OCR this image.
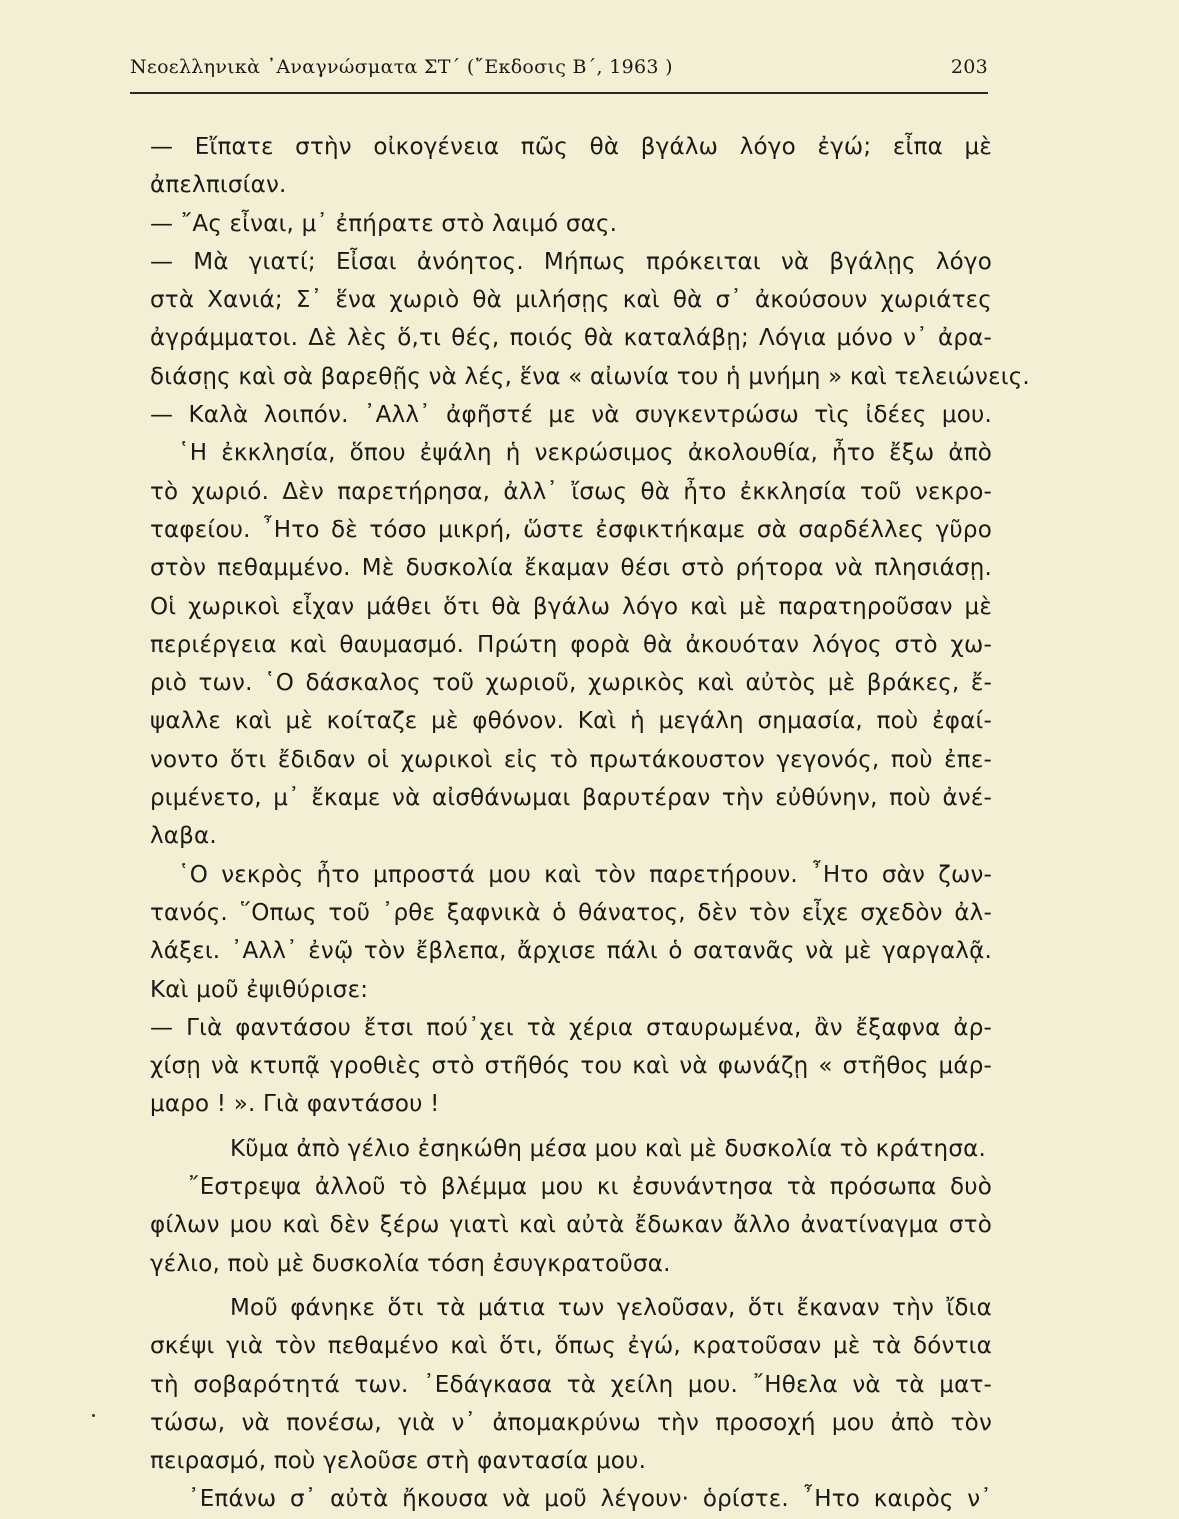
Νεοελληνικὰ ᾿Αναγνώσματα ΣΤ΄ (῎Εκδοσις Β΄, 1963 )	203
— Εἴπατε στὴν οἰκογένεια πῶς θὰ βγάλω λόγο ἐγώ; εἶπα μὲ
ἀπελπισίαν.
— ῎Ας εἶναι, μ᾿ ἐπήρατε στὸ λαιμό σας.
— Μὰ γιατί; Εἶσαι ἀνόητος. Μήπως πρόκειται νὰ βγάλῃς λόγο
στὰ Χανιά; Σ᾿ ἕνα χωριὸ θὰ μιλήσῃς καὶ θὰ σ᾿ ἀκούσουν χωριάτες
ἀγράμματοι. Δὲ λὲς ὅ,τι θές, ποιός θὰ καταλάβῃ; Λόγια μόνο ν᾿ ἀρα-
διάσῃς καὶ σὰ βαρεθῇς νὰ λές, ἕνα « αἰωνία του ἡ μνήμη » καὶ τελειώνεις.
— Καλὰ λοιπόν. ᾿Αλλ᾿ ἀφῆστέ με νὰ συγκεντρώσω τὶς ἰδέες μου.
῾Η ἐκκλησία, ὅπου ἐψάλη ἡ νεκρώσιμος ἀκολουθία, ἦτο ἔξω ἀπὸ
τὸ χωριό. Δὲν παρετήρησα, ἀλλ᾿ ἴσως θὰ ἦτο ἐκκλησία τοῦ νεκρο-
ταφείου. ῏Ητο δὲ τόσο μικρή, ὥστε ἐσφικτήκαμε σὰ σαρδέλλες γῦρο
στὸν πεθαμμένο. Μὲ δυσκολία ἔκαμαν θέσι στὸ ρήτορα νὰ πλησιάσῃ.
Οἱ χωρικοὶ εἶχαν μάθει ὅτι θὰ βγάλω λόγο καὶ μὲ παρατηροῦσαν μὲ
περιέργεια καὶ θαυμασμό. Πρώτη φορὰ θὰ ἀκουόταν λόγος στὸ χω-
ριὸ των. ῾Ο δάσκαλος τοῦ χωριοῦ, χωρικὸς καὶ αὐτὸς μὲ βράκες, ἔ-
ψαλλε καὶ μὲ κοίταζε μὲ φθόνον. Καὶ ἡ μεγάλη σημασία, ποὺ ἐφαί-
νοντο ὅτι ἔδιδαν οἱ χωρικοὶ εἰς τὸ πρωτάκουστον γεγονός, ποὺ ἐπε-
ριμένετο, μ᾿ ἔκαμε νὰ αἰσθάνωμαι βαρυτέραν τὴν εὐθύνην, ποὺ ἀνέ-
λαβα.
῾Ο νεκρὸς ἦτο μπροστά μου καὶ τὸν παρετήρουν. ῏Ητο σὰν ζων-
τανός. ῞Οπως τοῦ ᾿ρθε ξαφνικὰ ὁ θάνατος, δὲν τὸν εἶχε σχεδὸν ἀλ-
λάξει. ᾿Αλλ᾿ ἐνῷ τὸν ἔβλεπα, ἄρχισε πάλι ὁ σατανᾶς νὰ μὲ γαργαλᾷ.
Καὶ μοῦ ἐψιθύρισε:
— Γιὰ φαντάσου ἔτσι πού᾿χει τὰ χέρια σταυρωμένα, ἂν ἔξαφνα ἀρ-
χίσῃ νὰ κτυπᾷ γροθιὲς στὸ στῆθός του καὶ νὰ φωνάζῃ « στῆθος μάρ-
μαρο ! ». Γιὰ φαντάσου !
Κῦμα ἀπὸ γέλιο ἐσηκώθη μέσα μου καὶ μὲ δυσκολία τὸ κράτησα.
῎Εστρεψα ἀλλοῦ τὸ βλέμμα μου κι ἐσυνάντησα τὰ πρόσωπα δυὸ
φίλων μου καὶ δὲν ξέρω γιατὶ καὶ αὐτὰ ἔδωκαν ἄλλο ἀνατίναγμα στὸ
γέλιο, ποὺ μὲ δυσκολία τόση ἐσυγκρατοῦσα.
Μοῦ φάνηκε ὅτι τὰ μάτια των γελοῦσαν, ὅτι ἔκαναν τὴν ἴδια
σκέψι γιὰ τὸν πεθαμένο καὶ ὅτι, ὅπως ἐγώ, κρατοῦσαν μὲ τὰ δόντια
τὴ σοβαρότητά των. ᾿Εδάγκασα τὰ χείλη μου. ῎Ηθελα νὰ τὰ ματ-
τώσω, νὰ πονέσω, γιὰ ν᾿ ἀπομακρύνω τὴν προσοχή μου ἀπὸ τὸν
πειρασμό, ποὺ γελοῦσε στὴ φαντασία μου.
᾿Επάνω σ᾿ αὐτὰ ἤκουσα νὰ μοῦ λέγουν· ὁρίστε. ῏Ητο καιρὸς ν᾿
